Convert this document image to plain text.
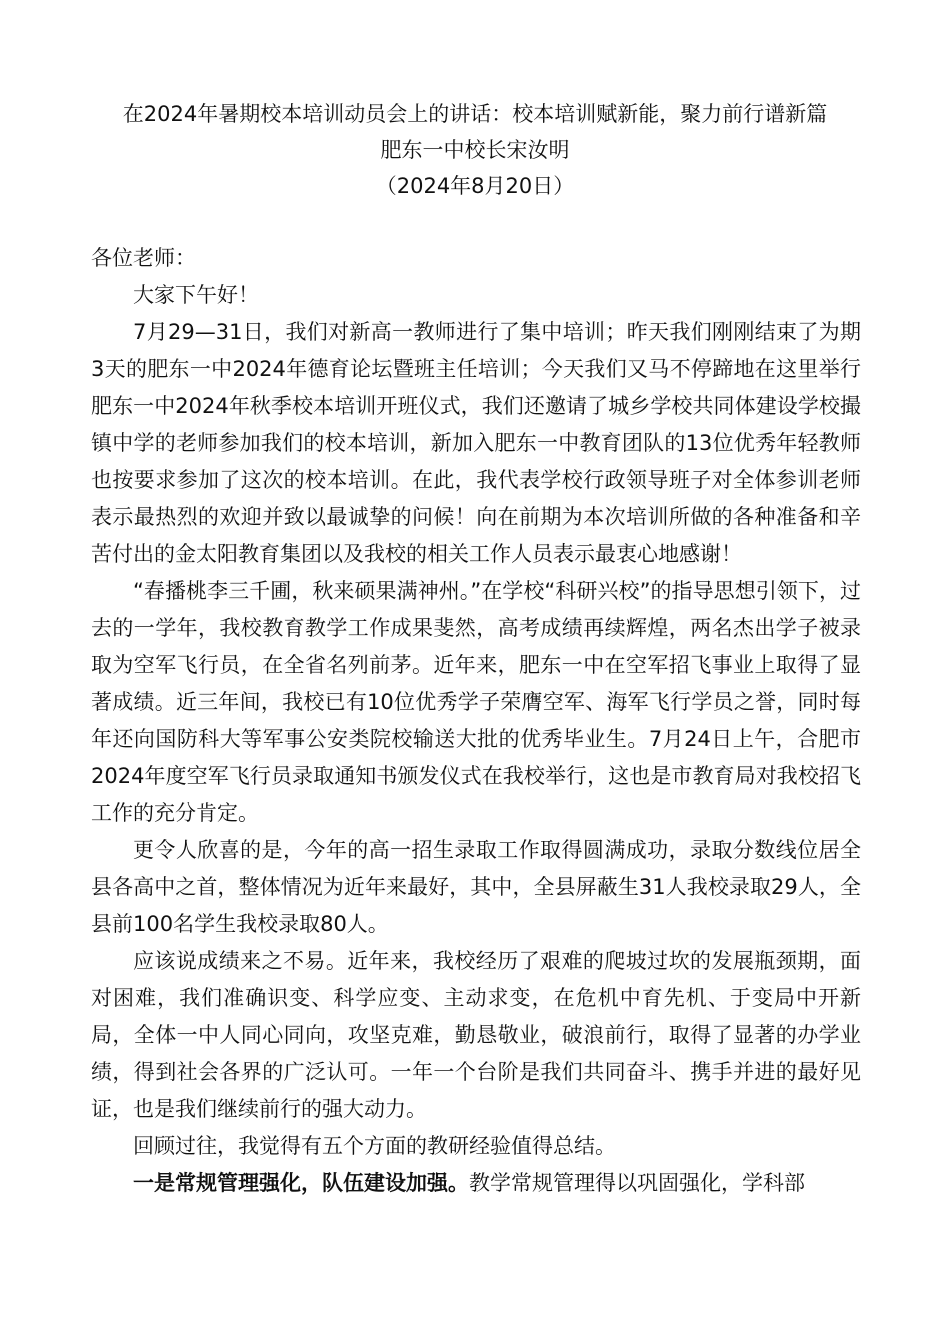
在2024年暑期校本培训动员会上的讲话：校本培训赋新能，聚力前行谱新篇
肥东一中校长宋汝明
（2024年8月20日）

各位老师：

大家下午好！

7月29—31日，我们对新高一教师进行了集中培训；昨天我们刚刚结束了为期3天的肥东一中2024年德育论坛暨班主任培训；今天我们又马不停蹄地在这里举行肥东一中2024年秋季校本培训开班仪式，我们还邀请了城乡学校共同体建设学校撮镇中学的老师参加我们的校本培训，新加入肥东一中教育团队的13位优秀年轻教师也按要求参加了这次的校本培训。在此，我代表学校行政领导班子对全体参训老师表示最热烈的欢迎并致以最诚挚的问候！向在前期为本次培训所做的各种准备和辛苦付出的金太阳教育集团以及我校的相关工作人员表示最衷心地感谢！

“春播桃李三千圃，秋来硕果满神州。”在学校“科研兴校”的指导思想引领下，过去的一学年，我校教育教学工作成果斐然，高考成绩再续辉煌，两名杰出学子被录取为空军飞行员，在全省名列前茅。近年来，肥东一中在空军招飞事业上取得了显著成绩。近三年间，我校已有10位优秀学子荣膺空军、海军飞行学员之誉，同时每年还向国防科大等军事公安类院校输送大批的优秀毕业生。7月24日上午，合肥市2024年度空军飞行员录取通知书颁发仪式在我校举行，这也是市教育局对我校招飞工作的充分肯定。

更令人欣喜的是，今年的高一招生录取工作取得圆满成功，录取分数线位居全县各高中之首，整体情况为近年来最好，其中，全县屏蔽生31人我校录取29人，全县前100名学生我校录取80人。

应该说成绩来之不易。近年来，我校经历了艰难的爬坡过坎的发展瓶颈期，面对困难，我们准确识变、科学应变、主动求变，在危机中育先机、于变局中开新局，全体一中人同心同向，攻坚克难，勤恳敬业，破浪前行，取得了显著的办学业绩，得到社会各界的广泛认可。一年一个台阶是我们共同奋斗、携手并进的最好见证，也是我们继续前行的强大动力。

回顾过往，我觉得有五个方面的教研经验值得总结。

一是常规管理强化，队伍建设加强。教学常规管理得以巩固强化，学科部
